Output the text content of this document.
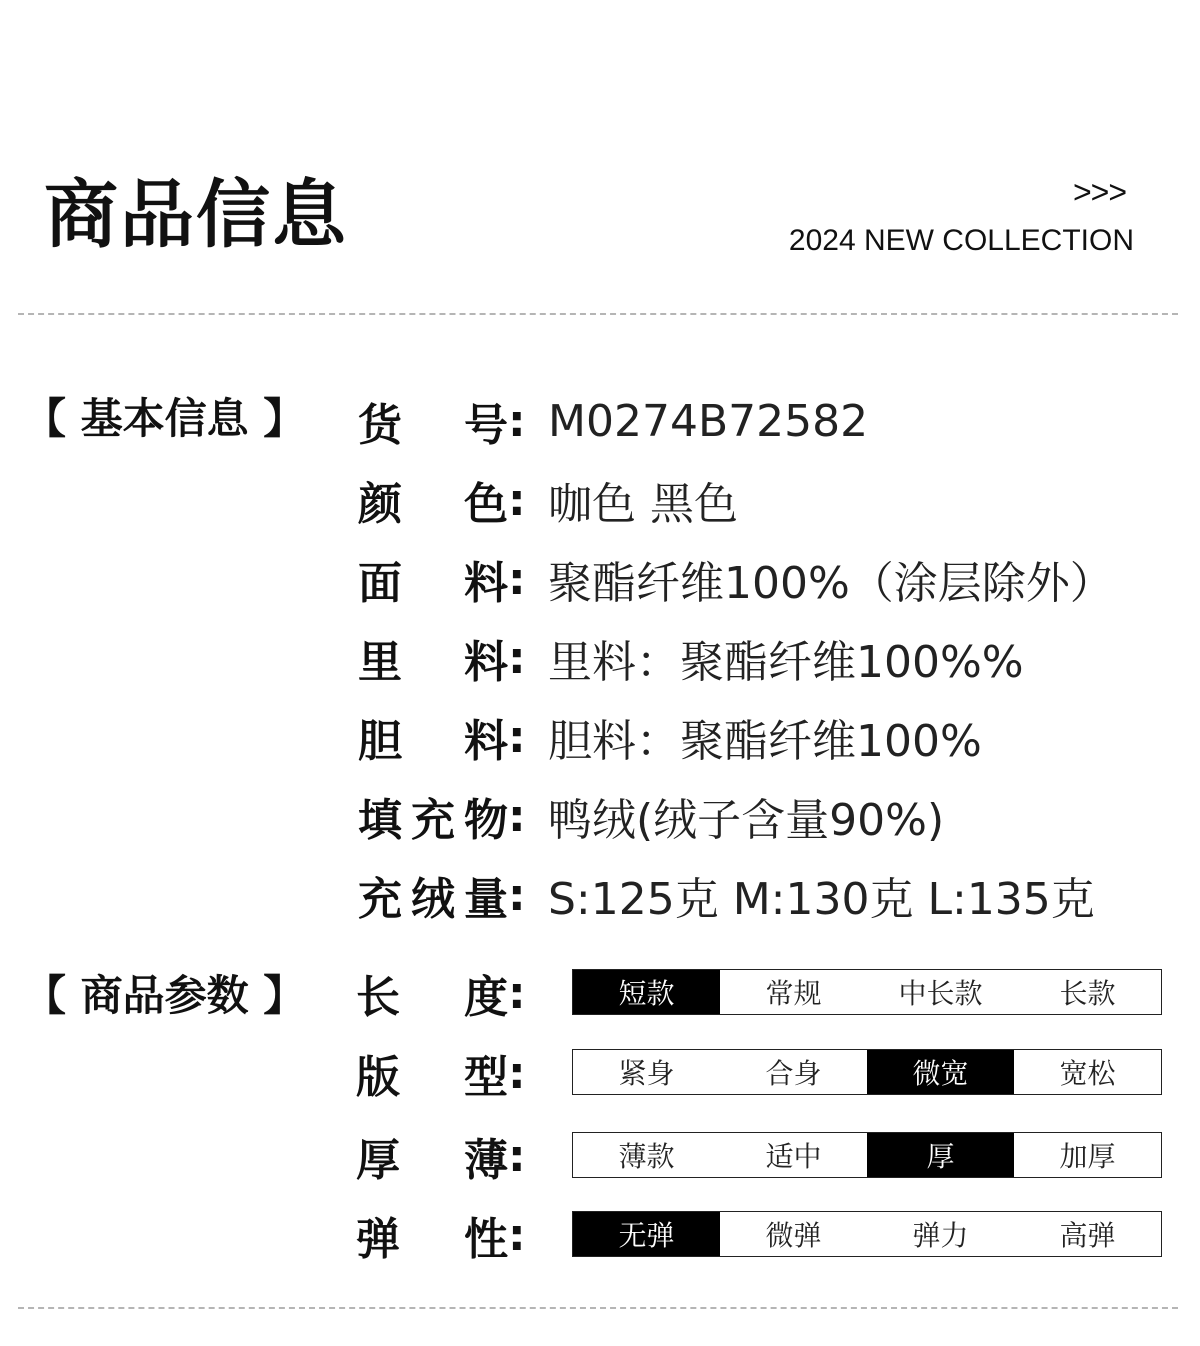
商品信息	>>>
2024 NEW COLLECTION
【 基本信息 】 货 号 : M0274B72582
颜 色 : 咖色 黑色
面 料 : 聚酯纤维100%（涂层除外）
里 料 : 里料：聚酯纤维100%%
胆 料 : 胆料：聚酯纤维100%
填 充 物 : 鸭绒(绒子含量90%)
充 绒 量 : S:125克 M:130克 L:135克
【 商品参数 】 长 度 :	短款	常规	中长款	长款
版 型 :	紧身	合身	微宽	宽松
厚 薄 :	薄款	适中	厚	加厚
弹 性 :	无弹	微弹	弹力	高弹
